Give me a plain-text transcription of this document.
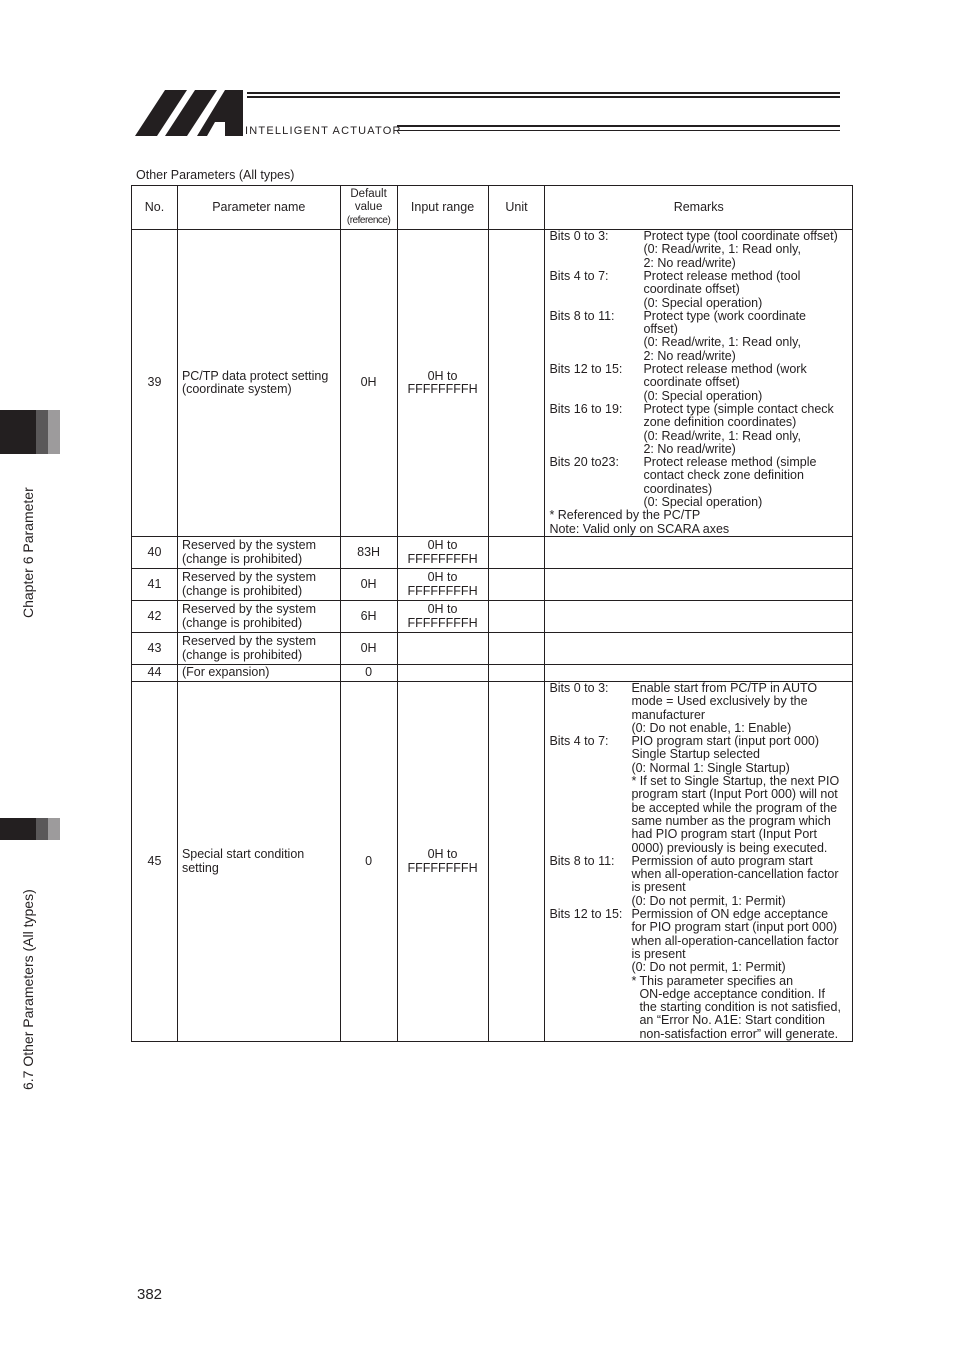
INTELLIGENT ACTUATOR
Chapter 6 Parameter
6.7 Other Parameters (All types)
Other Parameters (All types)
No.	Parameter name	Default
value
(reference)	Input range	Unit	Remarks
39	PC/TP data protect setting
(coordinate system)	0H	0H to
FFFFFFFFH

Bits 0 to 3:	Protect type (tool coordinate offset)
(0: Read/write, 1: Read only,
2: No read/write)
Bits 4 to 7:	Protect release method (tool
coordinate offset)
(0: Special operation)
Bits 8 to 11:	Protect type (work coordinate
offset)
(0: Read/write, 1: Read only,
2: No read/write)
Bits 12 to 15:	Protect release method (work
coordinate offset)
(0: Special operation)
Bits 16 to 19:	Protect type (simple contact check
zone definition coordinates)
(0: Read/write, 1: Read only,
2: No read/write)
Bits 20 to23:	Protect release method (simple
contact check zone definition
coordinates)
(0: Special operation)
* Referenced by the PC/TP
Note: Valid only on SCARA axes

40	Reserved by the system
(change is prohibited)	83H	0H to
FFFFFFFFH

41	Reserved by the system
(change is prohibited)	0H	0H to
FFFFFFFFH

42	Reserved by the system
(change is prohibited)	6H	0H to
FFFFFFFFH

43	Reserved by the system
(change is prohibited)	0H	

44	(For expansion)	0			
45	Special start condition
setting	0	0H to
FFFFFFFFH

Bits 0 to 3:	Enable start from PC/TP in AUTO
mode = Used exclusively by the
manufacturer
(0: Do not enable, 1: Enable)
Bits 4 to 7:	PIO program start (input port 000)
Single Startup selected
(0: Normal 1: Single Startup)
* If set to Single Startup, the next PIO
program start (Input Port 000) will not
be accepted while the program of the
same number as the program which
had PIO program start (Input Port
0000) previously is being executed.
Bits 8 to 11:	Permission of auto program start
when all-operation-cancellation factor
is present
(0: Do not permit, 1: Permit)
Bits 12 to 15: Permission of ON edge acceptance
for PIO program start (input port 000)
when all-operation-cancellation factor
is present
(0: Do not permit, 1: Permit)
* This parameter specifies an
ON-edge acceptance condition. If
the starting condition is not satisfied,
an “Error No. A1E: Start condition
non-satisfaction error” will generate.
382
